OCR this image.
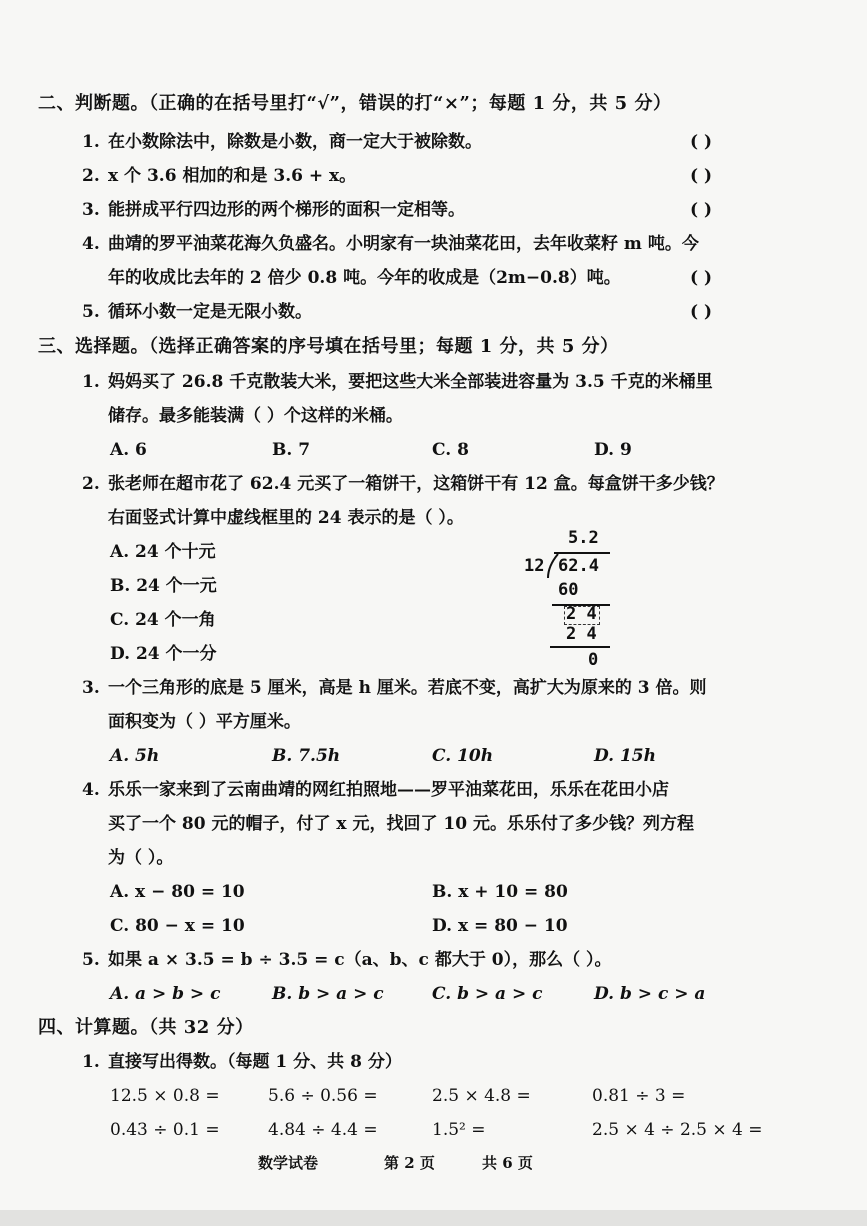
二、判断题。（正确的在括号里打“√”，错误的打“×”；每题 1 分，共 5 分）
1. 在小数除法中，除数是小数，商一定大于被除数。	( )
2. x 个 3.6 相加的和是 3.6 + x。	( )
3. 能拼成平行四边形的两个梯形的面积一定相等。	( )
4. 曲靖的罗平油菜花海久负盛名。小明家有一块油菜花田，去年收菜籽 m 吨。今
年的收成比去年的 2 倍少 0.8 吨。今年的收成是（2m−0.8）吨。	( )
5. 循环小数一定是无限小数。	( )
三、选择题。（选择正确答案的序号填在括号里；每题 1 分，共 5 分）
1. 妈妈买了 26.8 千克散装大米，要把这些大米全部装进容量为 3.5 千克的米桶里
储存。最多能装满（ ）个这样的米桶。
A. 6	B. 7	C. 8	D. 9
2. 张老师在超市花了 62.4 元买了一箱饼干，这箱饼干有 12 盒。每盒饼干多少钱？
右面竖式计算中虚线框里的 24 表示的是（ ）。
A. 24 个十元
B. 24 个一元
C. 24 个一角
D. 24 个一分
5.2
12 62.4
60
2 4
2 4
0
3. 一个三角形的底是 5 厘米，高是 h 厘米。若底不变，高扩大为原来的 3 倍。则
面积变为（ ）平方厘米。
A. 5h	B. 7.5h	C. 10h	D. 15h
4. 乐乐一家来到了云南曲靖的网红拍照地——罗平油菜花田，乐乐在花田小店
买了一个 80 元的帽子，付了 x 元，找回了 10 元。乐乐付了多少钱？列方程
为（ ）。
A. x − 80 = 10	B. x + 10 = 80
C. 80 − x = 10	D. x = 80 − 10
5. 如果 a × 3.5 = b ÷ 3.5 = c（a、b、c 都大于 0），那么（ ）。
A. a > b > c	B. b > a > c	C. b > a > c	D. b > c > a
四、计算题。（共 32 分）
1. 直接写出得数。（每题 1 分、共 8 分）
12.5 × 0.8 =	5.6 ÷ 0.56 =	2.5 × 4.8 =	0.81 ÷ 3 =
0.43 ÷ 0.1 =	4.84 ÷ 4.4 =	1.5² =	2.5 × 4 ÷ 2.5 × 4 =
数学试卷	第 2 页	共 6 页
